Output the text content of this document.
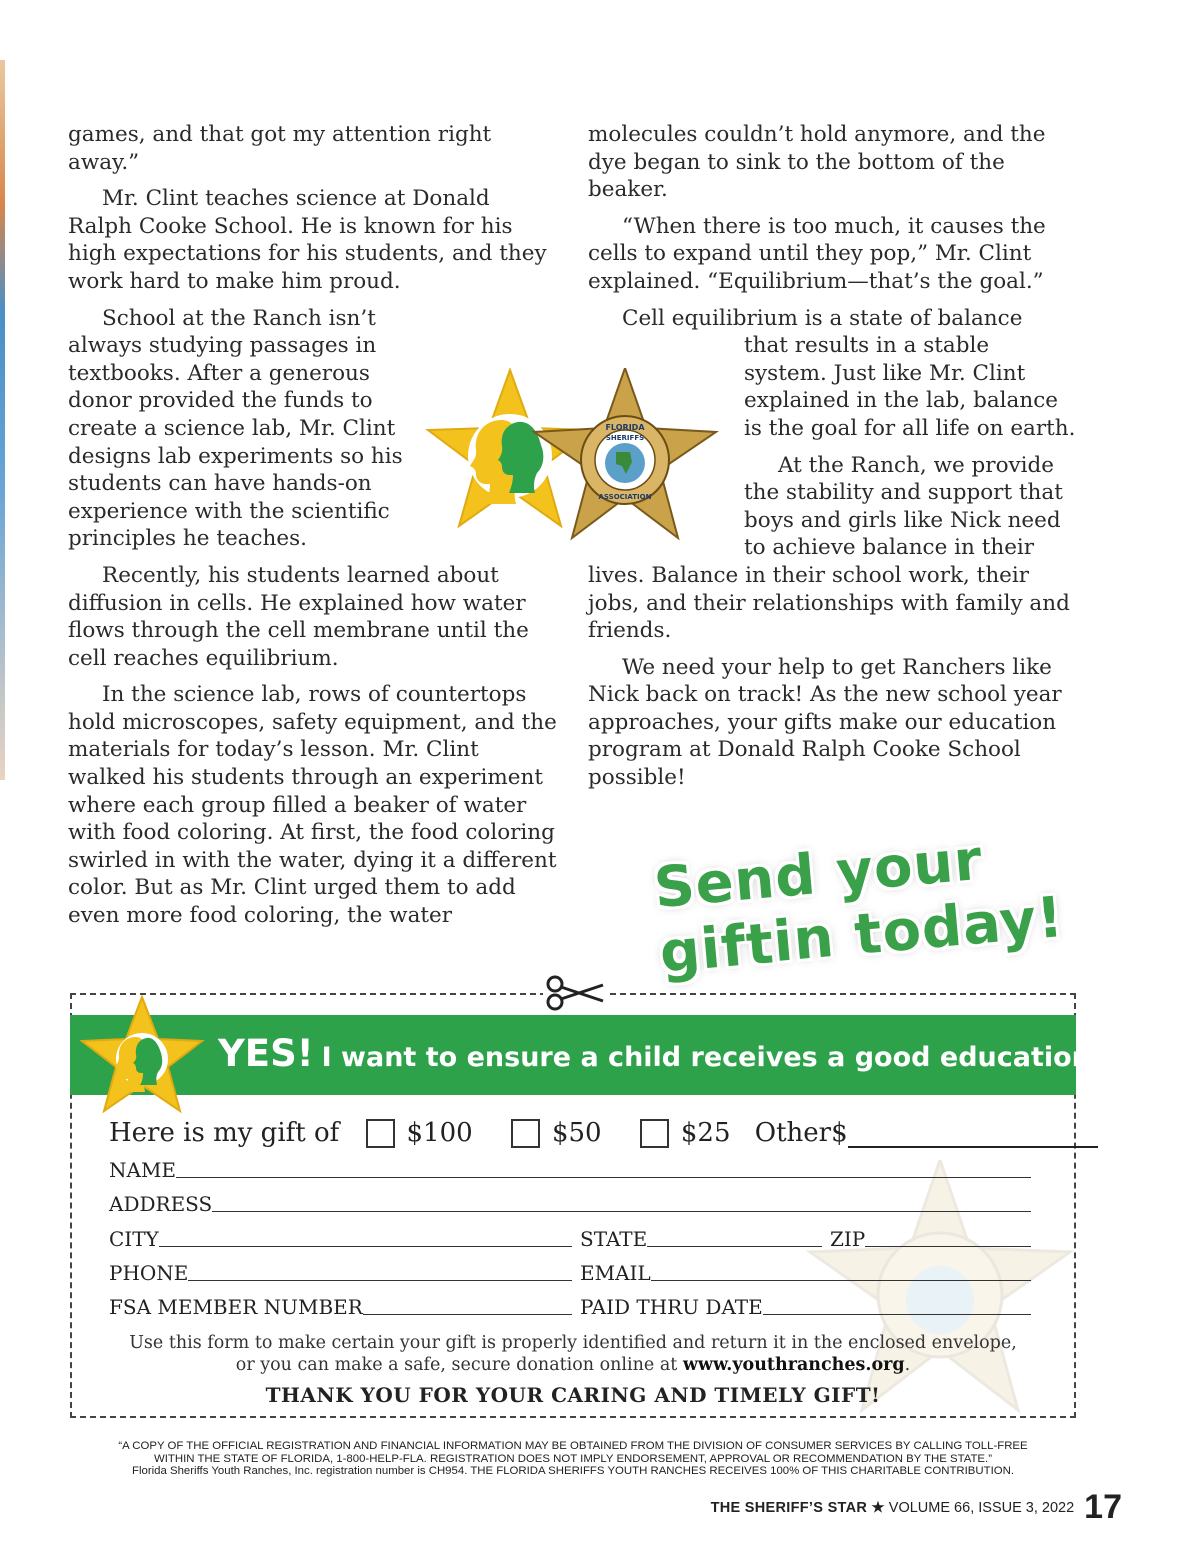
games, and that got my attention right away.”

Mr. Clint teaches science at Donald Ralph Cooke School. He is known for his high expectations for his students, and they work hard to make him proud.

School at the Ranch isn’t always studying passages in textbooks. After a generous donor provided the funds to create a science lab, Mr. Clint designs lab experiments so his students can have hands-on experience with the scientific principles he teaches.

Recently, his students learned about diffusion in cells. He explained how water flows through the cell membrane until the cell reaches equilibrium.

In the science lab, rows of countertops hold microscopes, safety equipment, and the materials for today’s lesson. Mr. Clint walked his students through an experiment where each group filled a beaker of water with food coloring. At first, the food coloring swirled in with the water, dying it a different color. But as Mr. Clint urged them to add even more food coloring, the water

molecules couldn’t hold anymore, and the dye began to sink to the bottom of the beaker.

“When there is too much, it causes the cells to expand until they pop,” Mr. Clint explained. “Equilibrium—that’s the goal.”

Cell equilibrium is a state of balance

that results in a stable system. Just like Mr. Clint explained in the lab, balance is the goal for all life on earth.

At the Ranch, we provide the stability and support that boys and girls like Nick need to achieve balance in their

lives. Balance in their school work, their jobs, and their relationships with family and friends.

We need your help to get Ranchers like Nick back on track! As the new school year approaches, your gifts make our education program at Donald Ralph Cooke School possible!

FLORIDA
SHERIFFS
ASSOCIATION
Send your gift
in today!
YES! I want to ensure a child receives a good education!
Here is my gift of	$100	$50	$25 Other$
NAME
ADDRESS
CITY	STATE	ZIP
PHONE	EMAIL
FSA MEMBER NUMBER	PAID THRU DATE
Use this form to make certain your gift is properly identified and return it in the enclosed envelope,
or you can make a safe, secure donation online at www.youthranches.org.
THANK YOU FOR YOUR CARING AND TIMELY GIFT!
“A COPY OF THE OFFICIAL REGISTRATION AND FINANCIAL INFORMATION MAY BE OBTAINED FROM THE DIVISION OF CONSUMER SERVICES BY CALLING TOLL-FREE
WITHIN THE STATE OF FLORIDA, 1-800-HELP-FLA. REGISTRATION DOES NOT IMPLY ENDORSEMENT, APPROVAL OR RECOMMENDATION BY THE STATE.”
Florida Sheriffs Youth Ranches, Inc. registration number is CH954. THE FLORIDA SHERIFFS YOUTH RANCHES RECEIVES 100% OF THIS CHARITABLE CONTRIBUTION.
THE SHERIFF’S STAR ★ VOLUME 66, ISSUE 3, 2022 17
